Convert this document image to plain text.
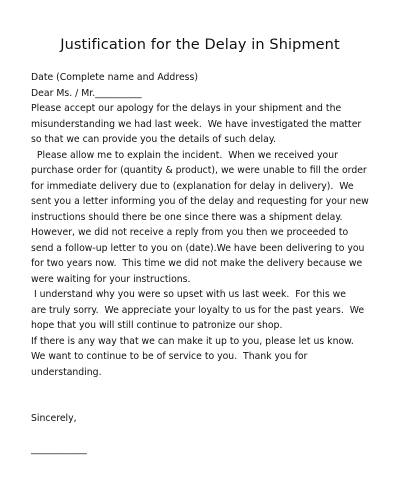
Justification for the Delay in Shipment
Date (Complete name and Address)
Dear Ms. / Mr.__________
Please accept our apology for the delays in your shipment and the
misunderstanding we had last week.  We have investigated the matter
so that we can provide you the details of such delay.
Please allow me to explain the incident.  When we received your
purchase order for (quantity & product), we were unable to fill the order
for immediate delivery due to (explanation for delay in delivery).  We
sent you a letter informing you of the delay and requesting for your new
instructions should there be one since there was a shipment delay.
However, we did not receive a reply from you then we proceeded to
send a follow-up letter to you on (date).We have been delivering to you
for two years now.  This time we did not make the delivery because we
were waiting for your instructions.
I understand why you were so upset with us last week.  For this we
are truly sorry.  We appreciate your loyalty to us for the past years.  We
hope that you will still continue to patronize our shop.
If there is any way that we can make it up to you, please let us know.
We want to continue to be of service to you.  Thank you for
understanding.
Sincerely,
____________
